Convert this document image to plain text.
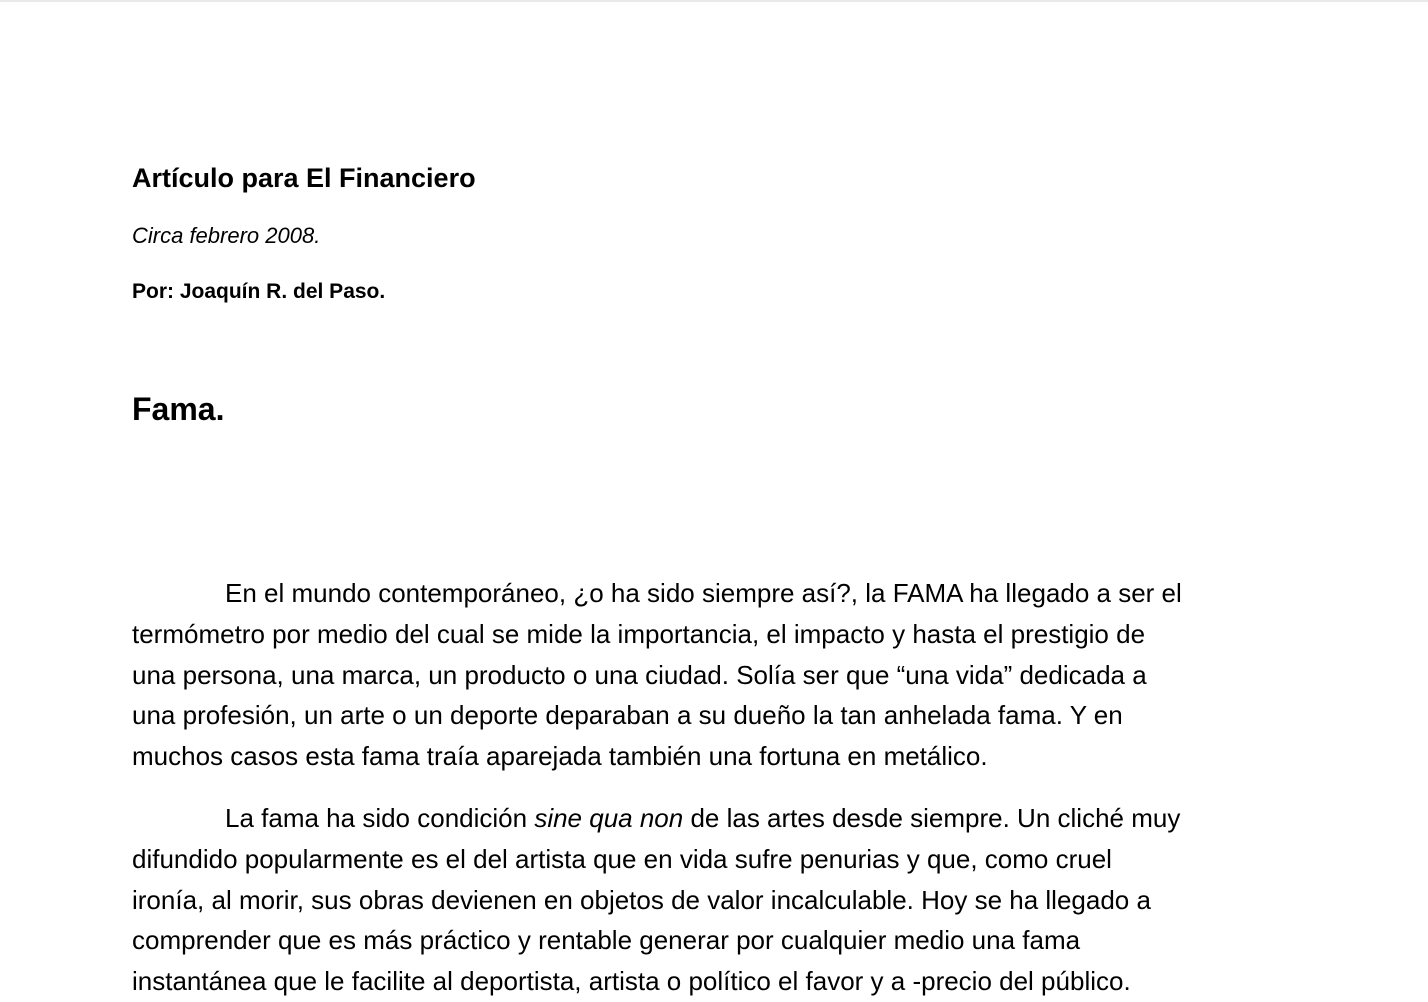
Artículo para El Financiero
Circa febrero 2008.
Por: Joaquín R. del Paso.
Fama.
En el mundo contemporáneo, ¿o ha sido siempre así?, la FAMA ha llegado a ser el
termómetro por medio del cual se mide la importancia, el impacto y hasta el prestigio de
una persona, una marca, un producto o una ciudad. Solía ser que “una vida” dedicada a
una profesión, un arte o un deporte deparaban a su dueño la tan anhelada fama. Y en
muchos casos esta fama traía aparejada también una fortuna en metálico.
La fama ha sido condición sine qua non de las artes desde siempre. Un cliché muy
difundido popularmente es el del artista que en vida sufre penurias y que, como cruel
ironía, al morir, sus obras devienen en objetos de valor incalculable. Hoy se ha llegado a
comprender que es más práctico y rentable generar por cualquier medio una fama
instantánea que le facilite al deportista, artista o político el favor y a -precio del público.
